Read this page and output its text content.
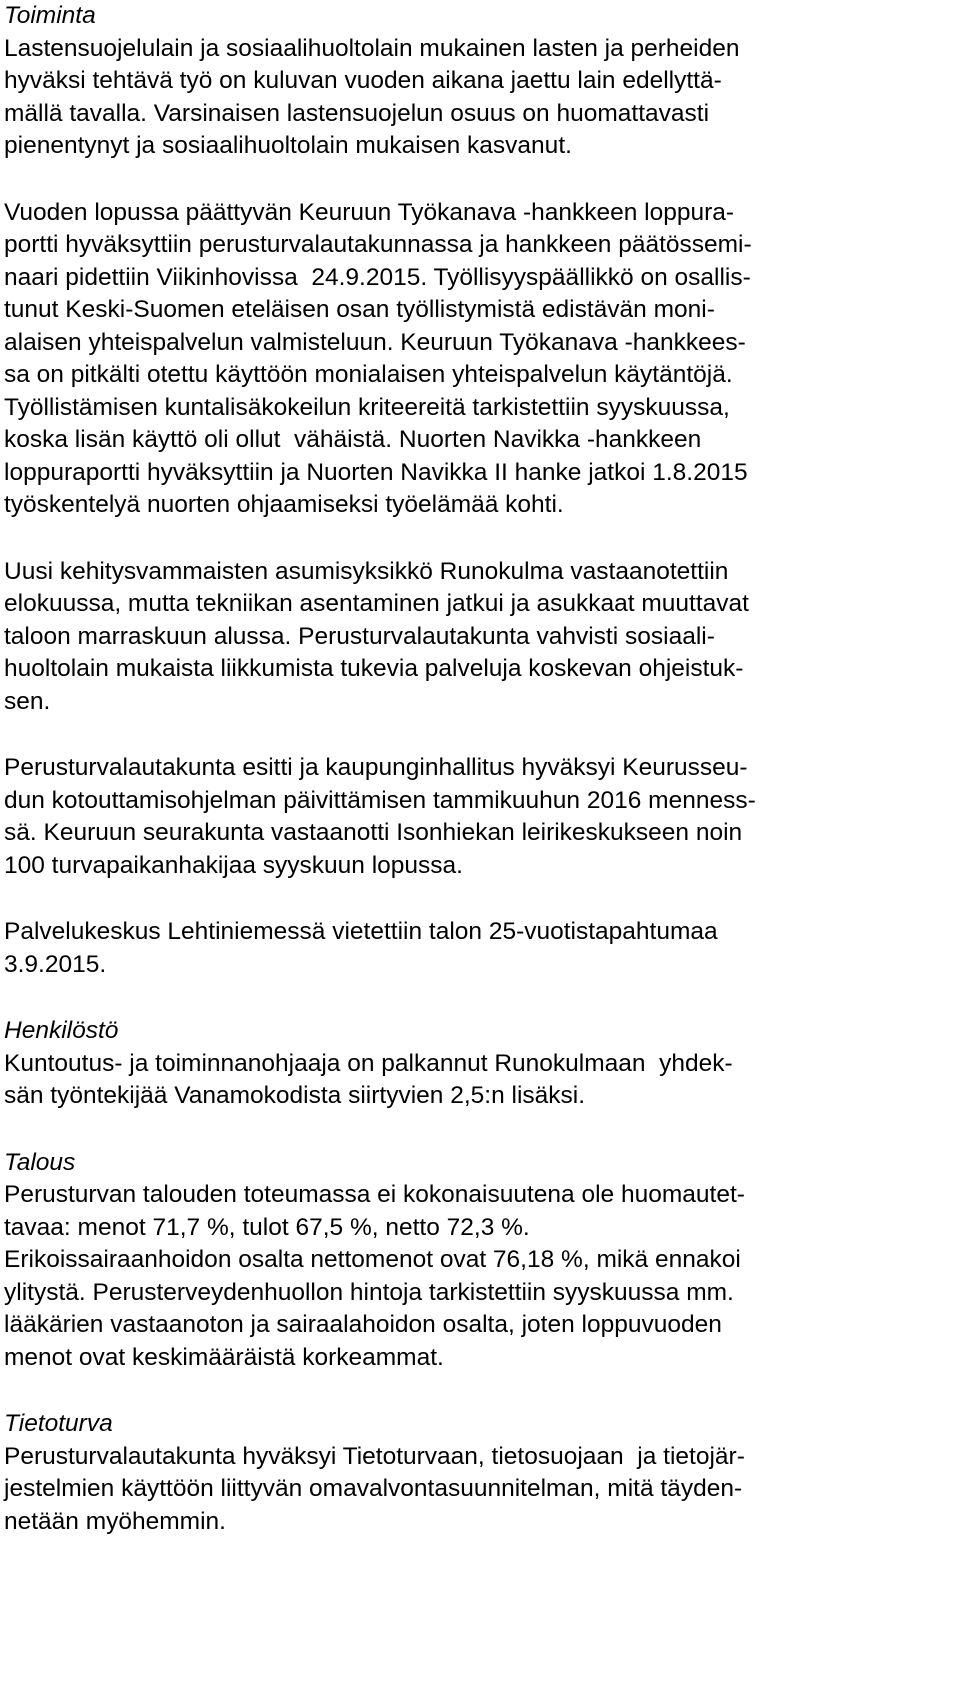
Toiminta

Lastensuojelulain ja sosiaalihuoltolain mukainen lasten ja perheiden

hyväksi tehtävä työ on kuluvan vuoden aikana jaettu lain edellyttä-

mällä tavalla. Varsinaisen lastensuojelun osuus on huomattavasti

pienentynyt ja sosiaalihuoltolain mukaisen kasvanut.

Vuoden lopussa päättyvän Keuruun Työkanava -hankkeen loppura-

portti hyväksyttiin perusturvalautakunnassa ja hankkeen päätössemi-

naari pidettiin Viikinhovissa  24.9.2015. Työllisyyspäällikkö on osallis-

tunut Keski-Suomen eteläisen osan työllistymistä edistävän moni-

alaisen yhteispalvelun valmisteluun. Keuruun Työkanava -hankkees-

sa on pitkälti otettu käyttöön monialaisen yhteispalvelun käytäntöjä.

Työllistämisen kuntalisäkokeilun kriteereitä tarkistettiin syyskuussa,

koska lisän käyttö oli ollut  vähäistä. Nuorten Navikka -hankkeen

loppuraportti hyväksyttiin ja Nuorten Navikka II hanke jatkoi 1.8.2015

työskentelyä nuorten ohjaamiseksi työelämää kohti.

Uusi kehitysvammaisten asumisyksikkö Runokulma vastaanotettiin

elokuussa, mutta tekniikan asentaminen jatkui ja asukkaat muuttavat

taloon marraskuun alussa. Perusturvalautakunta vahvisti sosiaali-

huoltolain mukaista liikkumista tukevia palveluja koskevan ohjeistuk-

sen.

Perusturvalautakunta esitti ja kaupunginhallitus hyväksyi Keurusseu-

dun kotouttamisohjelman päivittämisen tammikuuhun 2016 menness-

sä. Keuruun seurakunta vastaanotti Isonhiekan leirikeskukseen noin

100 turvapaikanhakijaa syyskuun lopussa.

Palvelukeskus Lehtiniemessä vietettiin talon 25-vuotistapahtumaa

3.9.2015.

Henkilöstö

Kuntoutus- ja toiminnanohjaaja on palkannut Runokulmaan  yhdek-

sän työntekijää Vanamokodista siirtyvien 2,5:n lisäksi.

Talous

Perusturvan talouden toteumassa ei kokonaisuutena ole huomautet-

tavaa: menot 71,7 %, tulot 67,5 %, netto 72,3 %.

Erikoissairaanhoidon osalta nettomenot ovat 76,18 %, mikä ennakoi

ylitystä. Perusterveydenhuollon hintoja tarkistettiin syyskuussa mm.

lääkärien vastaanoton ja sairaalahoidon osalta, joten loppuvuoden

menot ovat keskimääräistä korkeammat.

Tietoturva

Perusturvalautakunta hyväksyi Tietoturvaan, tietosuojaan  ja tietojär-

jestelmien käyttöön liittyvän omavalvontasuunnitelman, mitä täyden-

netään myöhemmin.
